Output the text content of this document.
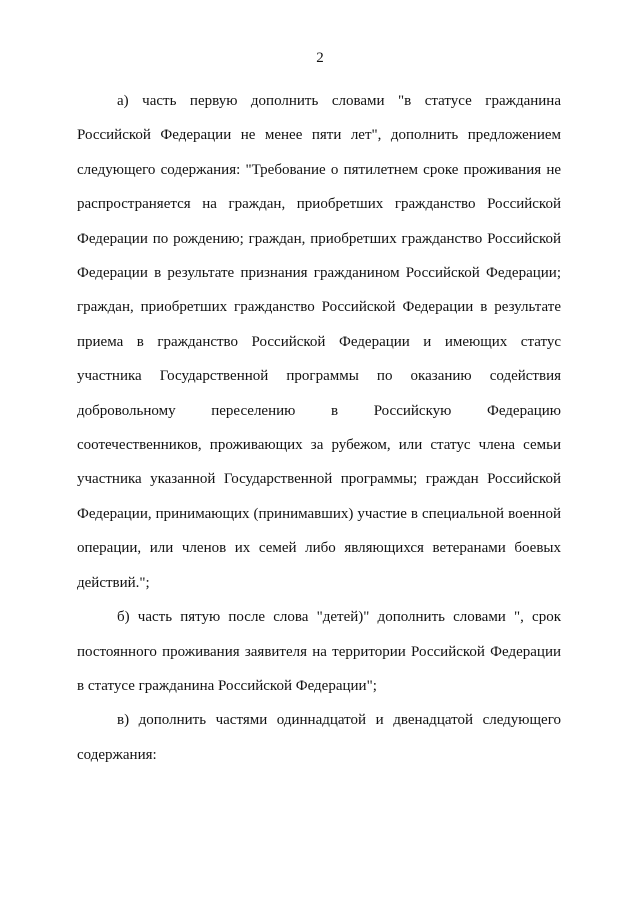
2

а) часть первую дополнить словами "в статусе гражданина Российской Федерации не менее пяти лет", дополнить предложением следующего содержания: "Требование о пятилетнем сроке проживания не распространяется на граждан, приобретших гражданство Российской Федерации по рождению; граждан, приобретших гражданство Российской Федерации в результате признания гражданином Российской Федерации; граждан, приобретших гражданство Российской Федерации в результате приема в гражданство Российской Федерации и имеющих статус участника Государственной программы по оказанию содействия добровольному переселению в Российскую Федерацию соотечественников, проживающих за рубежом, или статус члена семьи участника указанной Государственной программы; граждан Российской Федерации, принимающих (принимавших) участие в специальной военной операции, или членов их семей либо являющихся ветеранами боевых действий.";

б) часть пятую после слова "детей)" дополнить словами ", срок постоянного проживания заявителя на территории Российской Федерации в статусе гражданина Российской Федерации";

в) дополнить частями одиннадцатой и двенадцатой следующего содержания:
